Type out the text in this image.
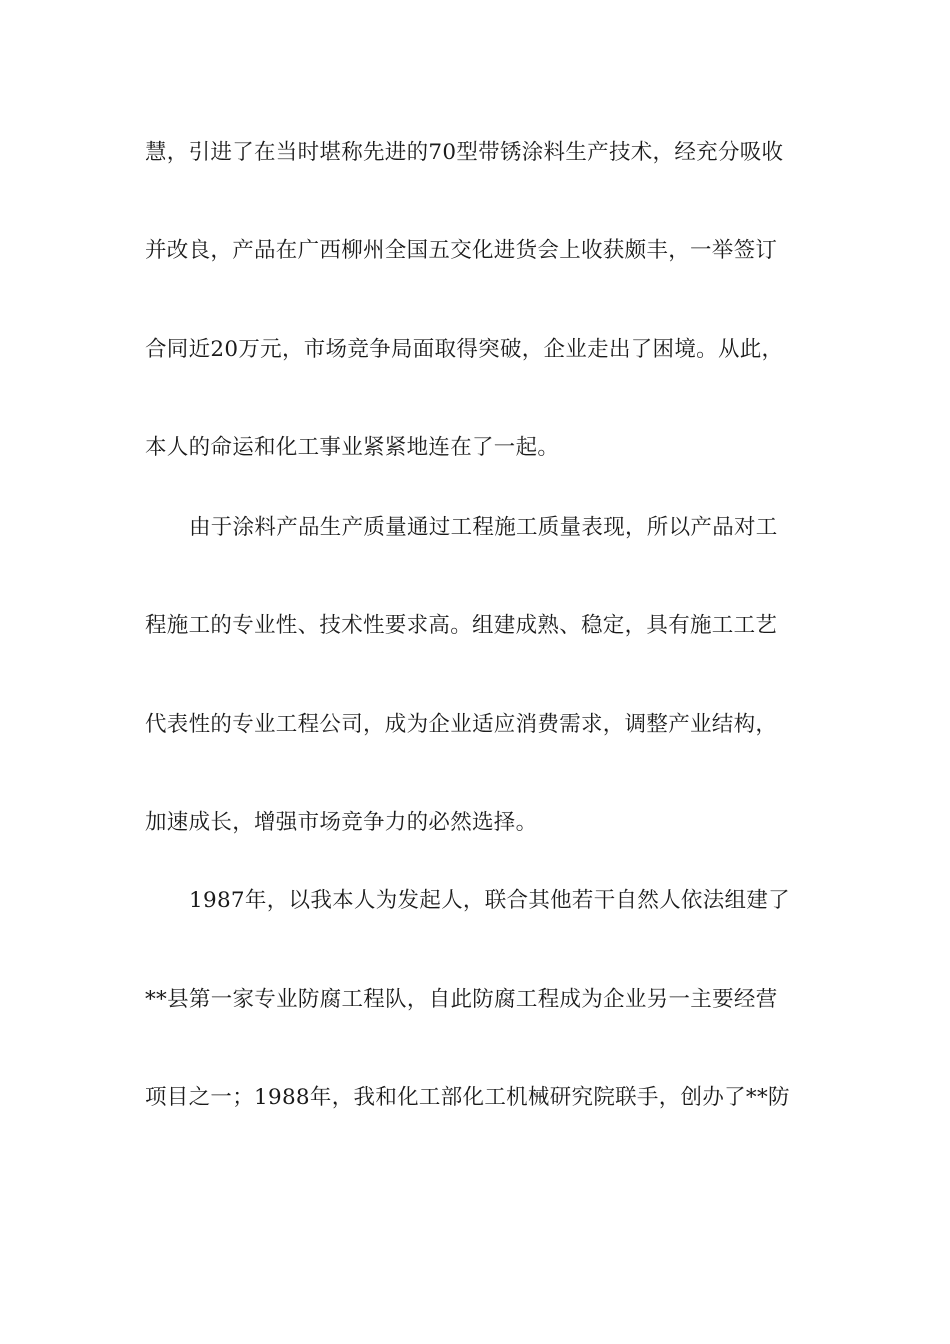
慧，引进了在当时堪称先进的70型带锈涂料生产技术，经充分吸收
并改良，产品在广西柳州全国五交化进货会上收获颇丰，一举签订
合同近20万元，市场竞争局面取得突破，企业走出了困境。从此，
本人的命运和化工事业紧紧地连在了一起。
由于涂料产品生产质量通过工程施工质量表现，所以产品对工
程施工的专业性、技术性要求高。组建成熟、稳定，具有施工工艺
代表性的专业工程公司，成为企业适应消费需求，调整产业结构，
加速成长，增强市场竞争力的必然选择。
1987年，以我本人为发起人，联合其他若干自然人依法组建了
**县第一家专业防腐工程队，自此防腐工程成为企业另一主要经营
项目之一；1988年，我和化工部化工机械研究院联手，创办了**防
